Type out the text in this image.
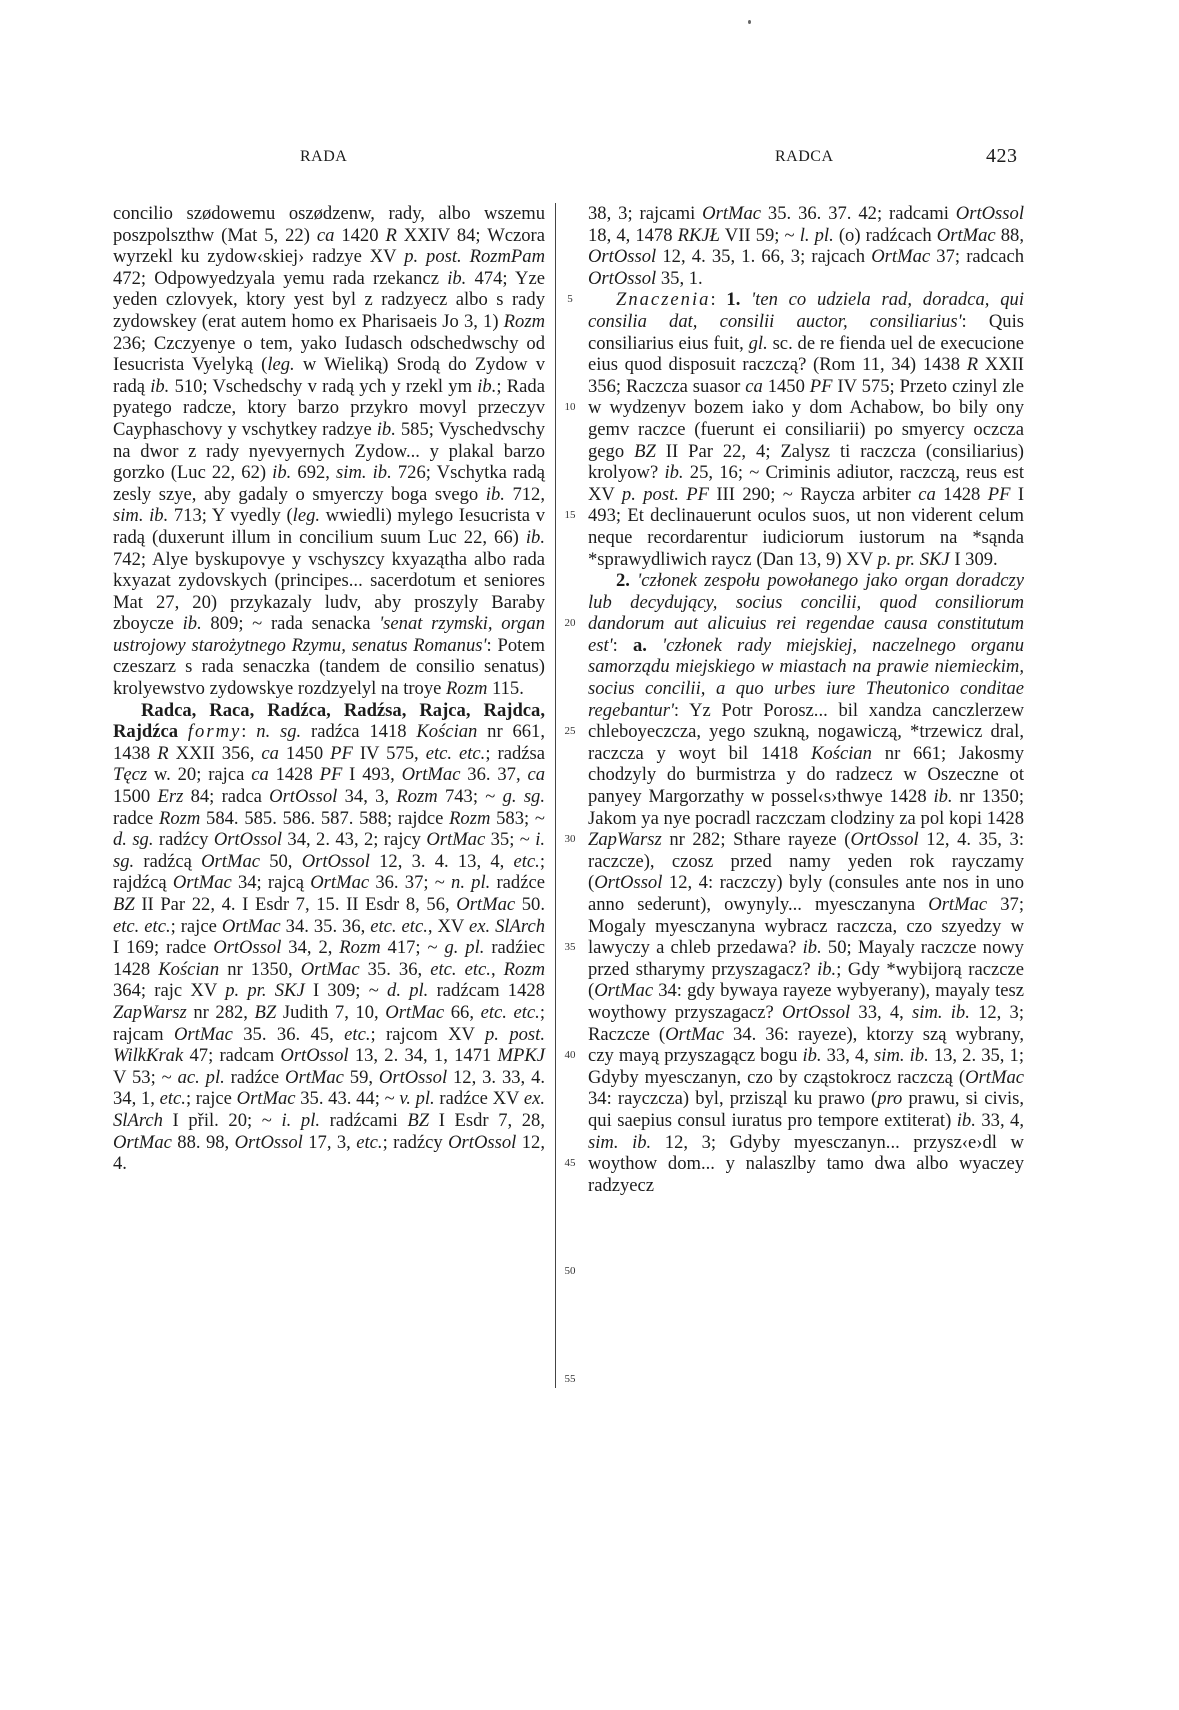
RADA	RADCA	423

concilio szødowemu oszødzenw, rady, albo wszemu poszpolszthw (Mat 5, 22) ca 1420 R XXIV 84; Wczora wyrzekl ku zydow‹skiej› radzye XV p. post. RozmPam 472; Odpowyedzyala yemu rada rzekancz ib. 474; Yze yeden czlovyek, ktory yest byl z radzyecz albo s rady zydowskey (erat autem homo ex Pharisaeis Jo 3, 1) Rozm 236; Czczyenye o tem, yako Iudasch odschedwschy od Iesucrista Vyelyką (leg. w Wieliką) Srodą do Zydow v radą ib. 510; Vschedschy v radą ych y rzekl ym ib.; Rada pyatego radcze, ktory barzo przykro movyl przeczyv Cayphaschovy y vschytkey radzye ib. 585; Vyschedvschy na dwor z rady nyevyernych Zydow... y plakal barzo gorzko (Luc 22, 62) ib. 692, sim. ib. 726; Vschytka radą zesly szye, aby gadaly o smyerczy boga svego ib. 712, sim. ib. 713; Y vyedly (leg. wwiedli) mylego Iesucrista v radą (duxerunt illum in concilium suum Luc 22, 66) ib. 742; Alye byskupovye y vschyszcy kxyazątha albo rada kxyazat zydovskych (principes... sacerdotum et seniores Mat 27, 20) przykazaly ludv, aby proszyly Baraby zboycze ib. 809; ~ rada senacka 'senat rzymski, organ ustrojowy starożytnego Rzymu, senatus Romanus': Potem czeszarz s rada senaczka (tandem de consilio senatus) krolyewstvo zydowskye rozdzyelyl na troye Rozm 115.

Radca, Raca, Radźca, Radźsa, Rajca, Rajdca, Rajdźca formy: n. sg. radźca 1418 Kościan nr 661, 1438 R XXII 356, ca 1450 PF IV 575, etc. etc.; radźsa Tęcz w. 20; rajca ca 1428 PF I 493, OrtMac 36. 37, ca 1500 Erz 84; radca OrtOssol 34, 3, Rozm 743; ~ g. sg. radce Rozm 584. 585. 586. 587. 588; rajdce Rozm 583; ~ d. sg. radźcy OrtOssol 34, 2. 43, 2; rajcy OrtMac 35; ~ i. sg. radźcą OrtMac 50, OrtOssol 12, 3. 4. 13, 4, etc.; rajdźcą OrtMac 34; rajcą OrtMac 36. 37; ~ n. pl. radźce BZ II Par 22, 4. I Esdr 7, 15. II Esdr 8, 56, OrtMac 50. etc. etc.; rajce OrtMac 34. 35. 36, etc. etc., XV ex. SlArch I 169; radce OrtOssol 34, 2, Rozm 417; ~ g. pl. radźiec 1428 Kościan nr 1350, OrtMac 35. 36, etc. etc., Rozm 364; rajc XV p. pr. SKJ I 309; ~ d. pl. radźcam 1428 ZapWarsz nr 282, BZ Judith 7, 10, OrtMac 66, etc. etc.; rajcam OrtMac 35. 36. 45, etc.; rajcom XV p. post. WilkKrak 47; radcam OrtOssol 13, 2. 34, 1, 1471 MPKJ V 53; ~ ac. pl. radźce OrtMac 59, OrtOssol 12, 3. 33, 4. 34, 1, etc.; rajce OrtMac 35. 43. 44; ~ v. pl. radźce XV ex. SlArch I přil. 20; ~ i. pl. radźcami BZ I Esdr 7, 28, OrtMac 88. 98, OrtOssol 17, 3, etc.; radźcy OrtOssol 12, 4.

5
10
15
20
25
30
35
40
45
50
55

38, 3; rajcami OrtMac 35. 36. 37. 42; radcami OrtOssol 18, 4, 1478 RKJŁ VII 59; ~ l. pl. (o) radźcach OrtMac 88, OrtOssol 12, 4. 35, 1. 66, 3; rajcach OrtMac 37; radcach OrtOssol 35, 1.

Znaczenia: 1. 'ten co udziela rad, doradca, qui consilia dat, consilii auctor, consiliarius': Quis consiliarius eius fuit, gl. sc. de re fienda uel de execucione eius quod disposuit raczczą? (Rom 11, 34) 1438 R XXII 356; Raczcza suasor ca 1450 PF IV 575; Przeto czinyl zle w wydzenyv bozem iako y dom Achabow, bo bily ony gemv raczce (fuerunt ei consiliarii) po smyercy oczcza gego BZ II Par 22, 4; Zalysz ti raczcza (consiliarius) krolyow? ib. 25, 16; ~ Criminis adiutor, raczczą, reus est XV p. post. PF III 290; ~ Raycza arbiter ca 1428 PF I 493; Et declinauerunt oculos suos, ut non viderent celum neque recordarentur iudiciorum iustorum na *sąnda *sprawydliwich raycz (Dan 13, 9) XV p. pr. SKJ I 309.

2. 'członek zespołu powołanego jako organ doradczy lub decydujący, socius concilii, quod consiliorum dandorum aut alicuius rei regendae causa constitutum est': a. 'członek rady miejskiej, naczelnego organu samorządu miejskiego w miastach na prawie niemieckim, socius concilii, a quo urbes iure Theutonico conditae regebantur': Yz Potr Porosz... bil xandza canczlerzew chleboyeczcza, yego szukną, nogawiczą, *trzewicz dral, raczcza y woyt bil 1418 Kościan nr 661; Jakosmy chodzyly do burmistrza y do radzecz w Oszeczne ot panyey Margorzathy w possel‹s›thwye 1428 ib. nr 1350; Jakom ya nye pocradl raczczam clodziny za pol kopi 1428 ZapWarsz nr 282; Sthare rayeze (OrtOssol 12, 4. 35, 3: raczcze), czosz przed namy yeden rok rayczamy (OrtOssol 12, 4: raczczy) byly (consules ante nos in uno anno sederunt), owynyly... myesczanyna OrtMac 37; Mogaly myesczanyna wybracz raczcza, czo szyedzy w lawyczy a chleb przedawa? ib. 50; Mayaly raczcze nowy przed stharymy przyszagacz? ib.; Gdy *wybijorą raczcze (OrtMac 34: gdy bywaya rayeze wybyerany), mayaly tesz woythowy przyszagacz? OrtOssol 33, 4, sim. ib. 12, 3; Raczcze (OrtMac 34. 36: rayeze), ktorzy szą wybrany, czy mayą przyszagącz bogu ib. 33, 4, sim. ib. 13, 2. 35, 1; Gdyby myesczanyn, czo by cząstokrocz raczczą (OrtMac 34: rayczcza) byl, przisząl ku prawo (pro prawu, si civis, qui saepius consul iuratus pro tempore extiterat) ib. 33, 4, sim. ib. 12, 3; Gdyby myesczanyn... przysz‹e›dl w woythow dom... y nalaszlby tamo dwa albo wyaczey radzyecz
